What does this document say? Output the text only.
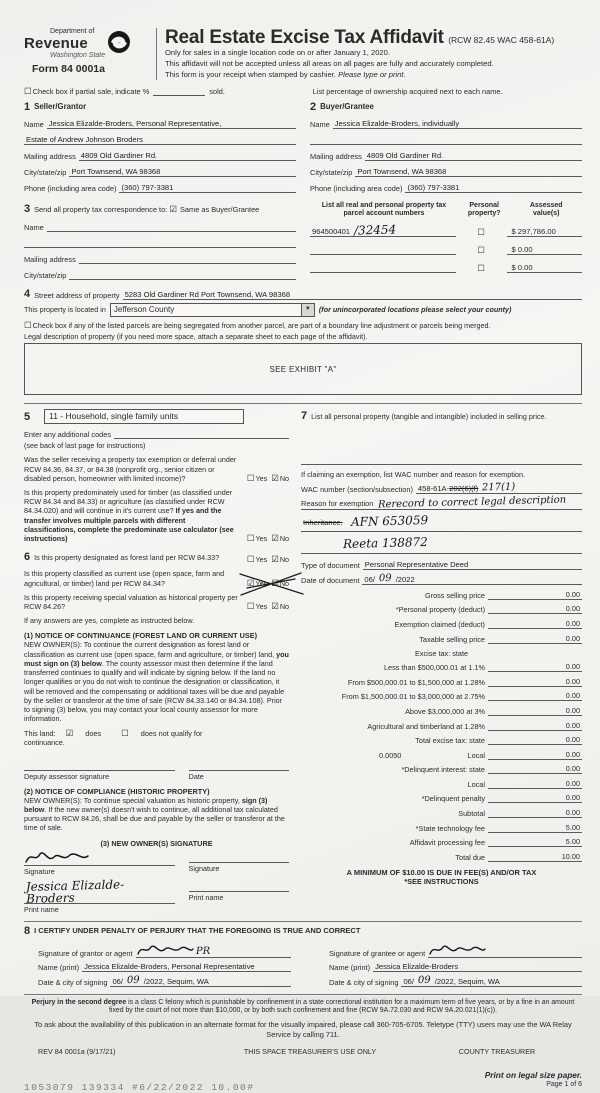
Department of
Revenue
Washington State
Form 84 0001a
Real Estate Excise Tax Affidavit (RCW 82.45 WAC 458-61A)
Only for sales in a single location code on or after January 1, 2020.
This affidavit will not be accepted unless all areas on all pages are fully and accurately completed.
This form is your receipt when stamped by cashier. Please type or print.
☐ Check box if partial sale, indicate %	sold.	List percentage of ownership acquired next to each name.
1 Seller/Grantor
Name Jessica Elizalde-Broders, Personal Representative,
Estate of Andrew Johnson Broders
Mailing address 4809 Old Gardiner Rd.
City/state/zip Port Townsend, WA 98368
Phone (including area code) (360) 797-3381
2 Buyer/Grantee
Name Jessica Elizalde-Broders, individually
Mailing address 4809 Old Gardiner Rd.
City/state/zip Port Townsend, WA 98368
Phone (including area code) (360) 797-3381
3 Send all property tax correspondence to: ☑ Same as Buyer/Grantee
Name
Mailing address
City/state/zip
List all real and personal property tax
parcel account numbers
Personal
property?
Assessed
value(s)
964500401 /32454	☐	$ 297,786.00
☐	$ 0.00
☐	$ 0.00
4 Street address of property 5283 Old Gardiner Rd Port Townsend, WA 98368
This property is located in	Jefferson County	▼	(for unincorporated locations please select your county)
☐Check box if any of the listed parcels are being segregated from another parcel, are part of a boundary line adjustment or parcels being merged.
Legal description of property (if you need more space, attach a separate sheet to each page of the affidavit).
SEE EXHIBIT "A"
5	11 - Household, single family units
Enter any additional codes
(see back of last page for instructions)
Was the seller receiving a property tax exemption or deferral under RCW 84.36, 84.37, or 84.38 (nonprofit org., senior citizen or disabled person, homeowner with limited income)?	☐Yes ☑No
Is this property predominately used for timber (as classified under RCW 84.34 and 84.33) or agriculture (as classified under RCW 84.34.020) and will continue in it's current use? If yes and the transfer involves multiple parcels with different classifications, complete the predominate use calculator (see instructions)	☐Yes ☑No
6 Is this property designated as forest land per RCW 84.33?	☐Yes ☑No
Is this property classified as current use (open space, farm and agricultural, or timber) land per RCW 84.34?	☑Yes ☒No
Is this property receiving special valuation as historical property per RCW 84.26?	☐Yes ☑No
If any answers are yes, complete as instructed below.
(1) NOTICE OF CONTINUANCE (FOREST LAND OR CURRENT USE)
NEW OWNER(S): To continue the current designation as forest land or classification as current use (open space, farm and agriculture, or timber) land, you must sign on (3) below. The county assessor must then determine if the land transferred continues to qualify and will indicate by signing below. If the land no longer qualifies or you do not wish to continue the designation or classification, it will be removed and the compensating or additional taxes will be due and payable by the seller or transferor at the time of sale (RCW 84.33.140 or 84.34.108). Prior to signing (3) below, you may contact your local county assessor for more information.
This land: ☑ does	☐ does not qualify for
continuance.
Deputy assessor signature	Date
(2) NOTICE OF COMPLIANCE (HISTORIC PROPERTY)
NEW OWNER(S): To continue special valuation as historic property, sign (3) below. If the new owner(s) doesn't wish to continue, all additional tax calculated pursuant to RCW 84.26, shall be due and payable by the seller or transferor at the time of sale.
(3) NEW OWNER(S) SIGNATURE
Signature	Signature
Jessica Elizalde-Broders
Print name
Print name
7 List all personal property (tangible and intangible) included in selling price.
If claiming an exemption, list WAC number and reason for exemption.
WAC number (section/subsection) 458-61A-202(6)(f) 217(1)
Reason for exemption Rerecord to correct legal description
Inheritance. AFN 653059
Reeta 138872
Type of document Personal Representative Deed
Date of document 06/ 09 /2022
Gross selling price	0.00
*Personal property (deduct)	0.00
Exemption claimed (deduct)	0.00
Taxable selling price	0.00
Excise tax: state
Less than $500,000.01 at 1.1%	0.00
From $500,000.01 to $1,500,000 at 1.28%	0.00
From $1,500,000.01 to $3,000,000 at 2.75%	0.00
Above $3,000,000 at 3%	0.00
Agricultural and timberland at 1.28%	0.00
Total excise tax: state	0.00
0.0050	Local	0.00
*Delinquent interest: state	0.00
Local	0.00
*Delinquent penalty	0.00
Subtotal	0.00
*State technology fee	5.00
Affidavit processing fee	5.00
Total due	10.00
A MINIMUM OF $10.00 IS DUE IN FEE(S) AND/OR TAX
*SEE INSTRUCTIONS
8 I CERTIFY UNDER PENALTY OF PERJURY THAT THE FOREGOING IS TRUE AND CORRECT
Signature of grantor or agent	PR
Name (print) Jessica Elizalde-Broders, Personal Representative
Date & city of signing 06/ 09 /2022, Sequim, WA
Signature of grantee or agent
Name (print) Jessica Elizalde-Broders
Date & city of signing 06/ 09 /2022, Sequim, WA
Perjury in the second degree is a class C felony which is punishable by confinement in a state correctional institution for a maximum term of five years, or by a fine in an amount fixed by the court of not more than $10,000, or by both such confinement and fine (RCW 9A.72.030 and RCW 9A.20.021(1)(c)).
To ask about the availability of this publication in an alternate format for the visually impaired, please call 360-705-6705. Teletype (TTY) users may use the WA Relay Service by calling 711.
REV 84 0001a (9/17/21)	THIS SPACE TREASURER'S USE ONLY	COUNTY TREASURER
1053079 139334 #6/22/2022 10.00#
Print on legal size paper.
Page 1 of 6
